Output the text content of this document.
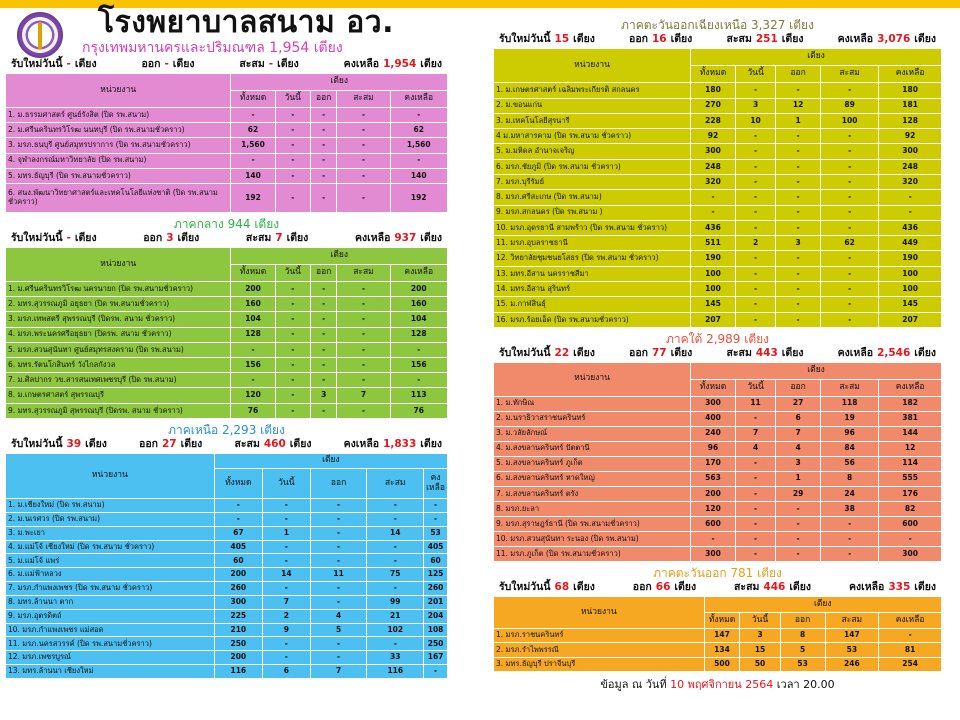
โรงพยาบาลสนาม อว.
กรุงเทพมหานครและปริมณฑล 1,954 เตียง
รับใหม่วันนี้ - เตียง	ออก - เตียง	สะสม - เตียง	คงเหลือ 1,954 เตียง
หน่วยงาน	เตียง				
	ทั้งหมด	วันนี้	ออก	สะสม	คงเหลือ
1. ม.ธรรมศาสตร์ ศูนย์รังสิต (ปิด รพ.สนาม)	-	-	-	-	-
2. ม.ศรีนครินทรวิโรฒ นนทบุรี (ปิด รพ.สนามชั่วคราว)	62	-	-	-	62
3. มรภ.ธนบุรี ศูนย์สมุทรปราการ (ปิด รพ.สนามชั่วคราว)	1,560	-	-	-	1,560
4. จุฬาลงกรณ์มหาวิทยาลัย (ปิด รพ.สนาม)	-	-	-	-	-
5. มทร.ธัญบุรี (ปิด รพ.สนามชั่วคราว)	140	-	-	-	140
6. สนง.พัฒนาวิทยาศาสตร์และเทคโนโลยีแห่งชาติ (ปิด รพ.สนาม ชั่วคราว)	192	-	-	-	192
ภาคกลาง 944 เตียง
รับใหม่วันนี้ - เตียง	ออก 3 เตียง	สะสม 7 เตียง	คงเหลือ 937 เตียง
หน่วยงาน	เตียง				
	ทั้งหมด	วันนี้	ออก	สะสม	คงเหลือ
1. ม.ศรีนครินทรวิโรฒ นครนายก (ปิด รพ.สนามชั่วคราว)	200	-	-	-	200
2. มทร.สุวรรณภูมิ อยุธยา (ปิด รพ.สนามชั่วคราว)	160	-	-	-	160
3. มรภ.เทพสตรี สุพรรณบุรี (ปิดรพ. สนาม ชั่วคราว)	104	-	-	-	104
4. มรภ.พระนครศรีอยุธยา (ปิดรพ. สนาม ชั่วคราว)	128	-	-	-	128
5. มรภ.สวนสุนันทา ศูนย์สมุทรสงคราม (ปิด รพ.สนาม)	-	-	-	-	-
6. มทร.รัตนโกสินทร์ วังไกลกังวล	156	-	-	-	156
7. ม.ศิลปากร วข.สารสนเทศเพชรบุรี (ปิด รพ.สนาม)	-	-	-	-	-
8. ม.เกษตรศาสตร์ สุพรรณบุรี	120	-	3	7	113
9. มทร.สุวรรณภูมิ สุพรรณบุรี (ปิดรพ. สนาม ชั่วคราว)	76	-	-	-	76
ภาคเหนือ 2,293 เตียง
รับใหม่วันนี้ 39 เตียง	ออก 27 เตียง	สะสม 460 เตียง	คงเหลือ 1,833 เตียง
หน่วยงาน	เตียง				
	ทั้งหมด	วันนี้	ออก	สะสม	คงเหลือ
1. ม.เชียงใหม่ (ปิด รพ.สนาม)	-	-	-	-	-
2. ม.นเรศวร (ปิด รพ.สนาม)	-	-	-	-	-
3. ม.พะเยา	67	1	-	14	53
4. ม.แม่โจ้ เชียงใหม่ (ปิด รพ.สนาม ชั่วคราว)	405	-	-	-	405
5. ม.แม่โจ้ แพร่	60	-	-	-	60
6. ม.แม่ฟ้าหลวง	200	14	11	75	125
7. มรภ.กำแพงเพชร (ปิด รพ.สนาม ชั่วคราว)	260	-	-	-	260
8. มทร.ล้านนา ตาก	300	7	-	99	201
9. มรภ.อุตรดิตถ์	225	2	4	21	204
10. มรภ.กำแพงเพชร แม่สอด	210	9	5	102	108
11. มรภ.นครสวรรค์ (ปิด รพ.สนามชั่วคราว)	250	-	-	-	250
12. มรภ.เพชรบูรณ์	200	-	-	33	167
13. มทร.ล้านนา เชียงใหม่	116	6	7	116	-
ภาคตะวันออกเฉียงเหนือ 3,327 เตียง
รับใหม่วันนี้ 15 เตียง	ออก 16 เตียง	สะสม 251 เตียง	คงเหลือ 3,076 เตียง
หน่วยงาน	เตียง				
	ทั้งหมด	วันนี้	ออก	สะสม	คงเหลือ
1. ม.เกษตรศาสตร์ เฉลิมพระเกียรติ สกลนคร	180	-	-	-	180
2. ม.ขอนแก่น	270	3	12	89	181
3. ม.เทคโนโลยีสุรนารี	228	10	1	100	128
4 ม.มหาสารคาม (ปิด รพ.สนาม ชั่วคราว)	92	-	-	-	92
5. ม.มหิดล อำนาจเจริญ	300	-	-	-	300
6. มรภ.ชัยภูมิ (ปิด รพ.สนาม ชั่วคราว)	248	-	-	-	248
7. มรภ.บุรีรัมย์	320	-	-	-	320
8. มรภ.ศรีสะเกษ (ปิด รพ.สนาม)	-	-	-	-	-
9. มรภ.สกลนคร (ปิด รพ.สนาม )	-	-	-	-	-
10. มรภ.อุดรธานี สามพร้าว (ปิด รพ.สนาม ชั่วคราว)	436	-	-	-	436
11. มรภ.อุบลราชธานี	511	2	3	62	449
12. วิทยาลัยชุมชนยโสธร (ปิด รพ.สนาม ชั่วคราว)	190	-	-	-	190
13. มทร.อีสาน นครราชสีมา	100	-	-	-	100
14. มทร.อีสาน สุรินทร์	100	-	-	-	100
15. ม.กาฬสินธุ์	145	-	-	-	145
16. มรภ.ร้อยเอ็ด (ปิด รพ.สนามชั่วคราว)	207	-	-	-	207
ภาคใต้ 2,989 เตียง
รับใหม่วันนี้ 22 เตียง	ออก 77 เตียง	สะสม 443 เตียง	คงเหลือ 2,546 เตียง
หน่วยงาน	เตียง				
	ทั้งหมด	วันนี้	ออก	สะสม	คงเหลือ
1. ม.ทักษิณ	300	11	27	118	182
2. ม.นราธิวาสราชนครินทร์	400	-	6	19	381
3. ม.วลัยลักษณ์	240	7	7	96	144
4. ม.สงขลานครินทร์ ปัตตานี	96	4	4	84	12
5. ม.สงขลานครินทร์ ภูเก็ต	170	-	3	56	114
6. ม.สงขลานครินทร์ หาดใหญ่	563	-	1	8	555
7. ม.สงขลานครินทร์ ตรัง	200	-	29	24	176
8. มรภ.ยะลา	120	-	-	38	82
9. มรภ.สุราษฎร์ธานี (ปิด รพ.สนามชั่วคราว)	600	-	-	-	600
10. มรภ.สวนสุนันทา ระนอง (ปิด รพ.สนาม)	-	-	-	-	-
11. มรภ.ภูเก็ต (ปิด รพ.สนามชั่วคราว)	300	-	-	-	300
ภาคตะวันออก 781 เตียง
รับใหม่วันนี้ 68 เตียง	ออก 66 เตียง	สะสม 446 เตียง	คงเหลือ 335 เตียง
หน่วยงาน	เตียง				
	ทั้งหมด	วันนี้	ออก	สะสม	คงเหลือ
1. มรภ.ราชนครินทร์	147	3	8	147	-
2. มรภ.รำไพพรรณี	134	15	5	53	81
3. มทร.ธัญบุรี ปราจีนบุรี	500	50	53	246	254
ข้อมูล ณ วันที่ 10 พฤศจิกายน 2564 เวลา 20.00
